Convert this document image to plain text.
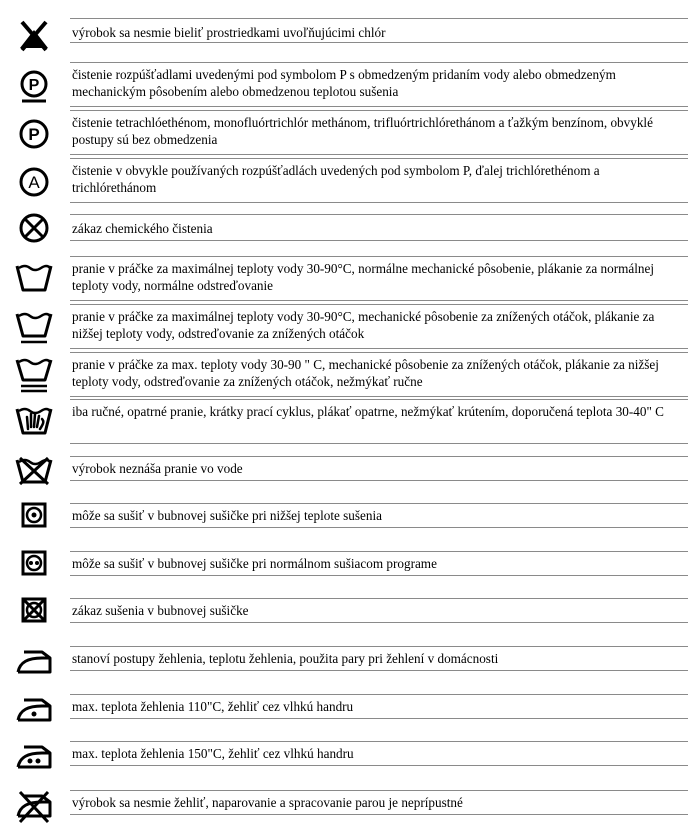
výrobok sa nesmie bieliť prostriedkami uvoľňujúcimi chlór
P
čistenie rozpúšťadlami uvedenými pod symbolom P s obmedzeným pridaním vody alebo obmedzeným mechanickým pôsobením alebo obmedzenou teplotou sušenia
P
čistenie tetrachlóethénom, monofluórtrichlór methánom, trifluórtrichlórethánom a ťažkým benzínom, obvyklé postupy sú bez obmedzenia
A
čistenie v obvykle používaných rozpúšťadlách uvedených pod symbolom P, ďalej trichlórethénom a trichlórethánom
zákaz chemického čistenia
pranie v práčke za maximálnej teploty vody 30-90°C, normálne mechanické pôsobenie, plákanie za normálnej teploty vody, normálne odstreďovanie
pranie v práčke za maximálnej teploty vody 30-90°C, mechanické pôsobenie za znížených otáčok, plákanie za nižšej teploty vody, odstreďovanie za znížených otáčok
pranie v práčke za max. teploty vody 30-90 " C, mechanické pôsobenie za znížených otáčok, plákanie za nižšej teploty vody, odstreďovanie za znížených otáčok, nežmýkať ručne
iba ručné, opatrné pranie, krátky prací cyklus, plákať opatrne, nežmýkať krútením, doporučená teplota 30-40" C
výrobok neznáša pranie vo vode
môže sa sušiť v bubnovej sušičke pri nižšej teplote sušenia
môže sa sušiť v bubnovej sušičke pri normálnom sušiacom programe
zákaz sušenia v bubnovej sušičke
stanoví postupy žehlenia, teplotu žehlenia, použita pary pri žehlení v domácnosti
max. teplota žehlenia 110"C, žehliť cez vlhkú handru
max. teplota žehlenia 150"C, žehliť cez vlhkú handru
výrobok sa nesmie žehliť, naparovanie a spracovanie parou je neprípustné
